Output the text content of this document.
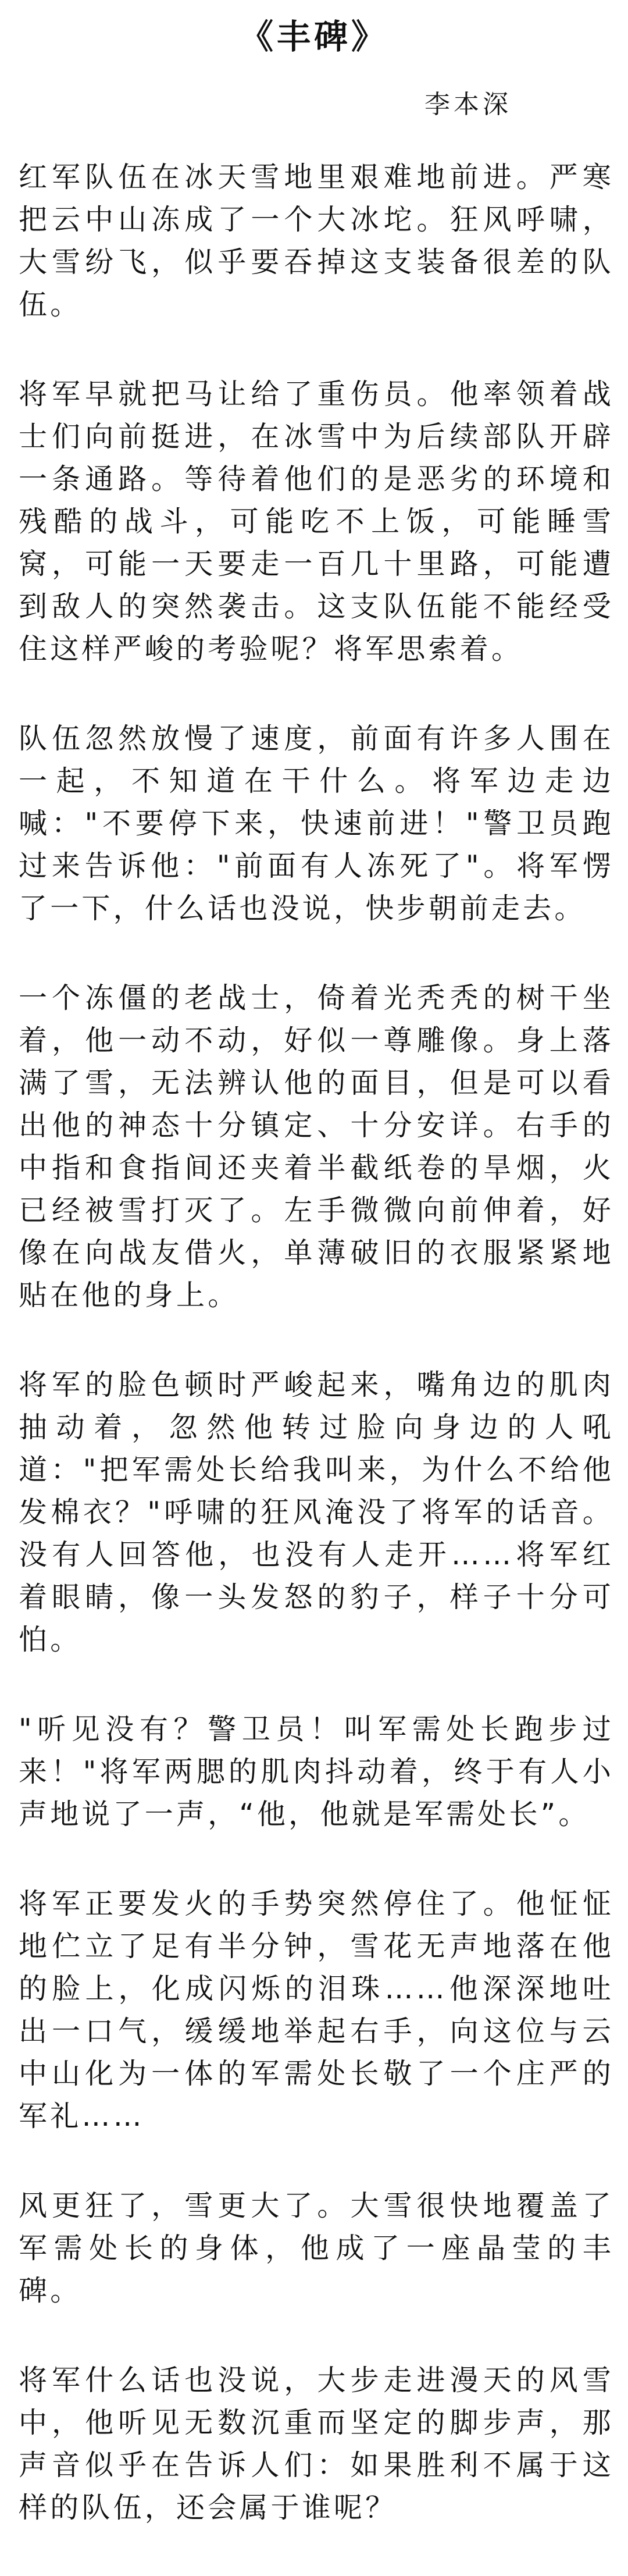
《丰碑》
李本深

红军队伍在冰天雪地里艰难地前进。严寒把云中山冻成了一个大冰坨。狂风呼啸，大雪纷飞，似乎要吞掉这支装备很差的队伍。

将军早就把马让给了重伤员。他率领着战士们向前挺进，在冰雪中为后续部队开辟一条通路。等待着他们的是恶劣的环境和残酷的战斗，可能吃不上饭，可能睡雪窝，可能一天要走一百几十里路，可能遭到敌人的突然袭击。这支队伍能不能经受住这样严峻的考验呢？将军思索着。

队伍忽然放慢了速度，前面有许多人围在一起，不知道在干什么。将军边走边喊："不要停下来，快速前进！"警卫员跑过来告诉他："前面有人冻死了"。将军愣了一下，什么话也没说，快步朝前走去。

一个冻僵的老战士，倚着光秃秃的树干坐着，他一动不动，好似一尊雕像。身上落满了雪，无法辨认他的面目，但是可以看出他的神态十分镇定、十分安详。右手的中指和食指间还夹着半截纸卷的旱烟，火已经被雪打灭了。左手微微向前伸着，好像在向战友借火，单薄破旧的衣服紧紧地贴在他的身上。

将军的脸色顿时严峻起来，嘴角边的肌肉抽动着，忽然他转过脸向身边的人吼道："把军需处长给我叫来，为什么不给他发棉衣？"呼啸的狂风淹没了将军的话音。没有人回答他，也没有人走开……将军红着眼睛，像一头发怒的豹子，样子十分可怕。

"听见没有？警卫员！叫军需处长跑步过来！"将军两腮的肌肉抖动着，终于有人小声地说了一声，“他，他就是军需处长”。

将军正要发火的手势突然停住了。他怔怔地伫立了足有半分钟，雪花无声地落在他的脸上，化成闪烁的泪珠……他深深地吐出一口气，缓缓地举起右手，向这位与云中山化为一体的军需处长敬了一个庄严的军礼……

风更狂了，雪更大了。大雪很快地覆盖了军需处长的身体，他成了一座晶莹的丰碑。

将军什么话也没说，大步走进漫天的风雪中，他听见无数沉重而坚定的脚步声，那声音似乎在告诉人们：如果胜利不属于这样的队伍，还会属于谁呢？
